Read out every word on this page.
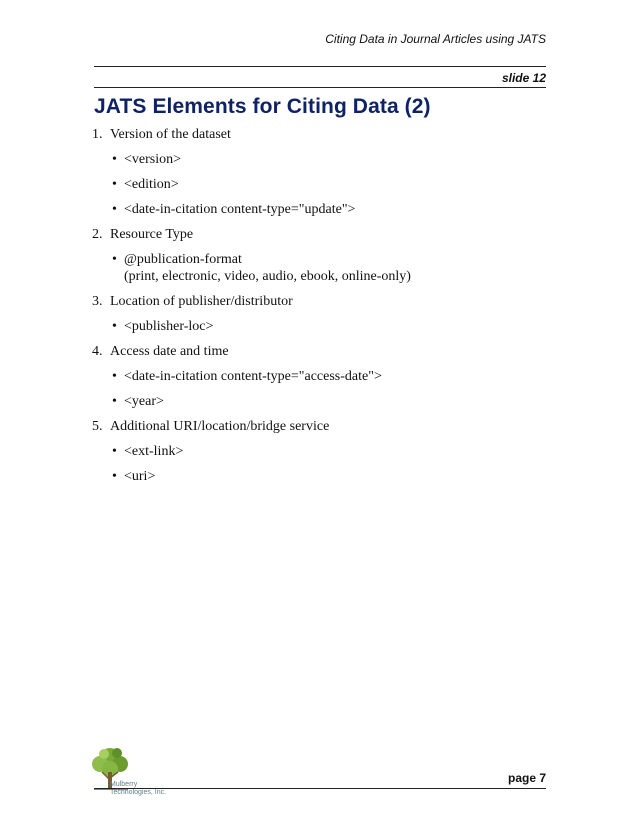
Citing Data in Journal Articles using JATS
slide 12
JATS Elements for Citing Data (2)
1. Version of the dataset
• <version>
• <edition>
• <date-in-citation content-type="update">
2. Resource Type
• @publication-format
(print, electronic, video, audio, ebook, online-only)
3. Location of publisher/distributor
• <publisher-loc>
4. Access date and time
• <date-in-citation content-type="access-date">
• <year>
5. Additional URI/location/bridge service
• <ext-link>
• <uri>
Mulberry
Technologies, Inc.
page 7
